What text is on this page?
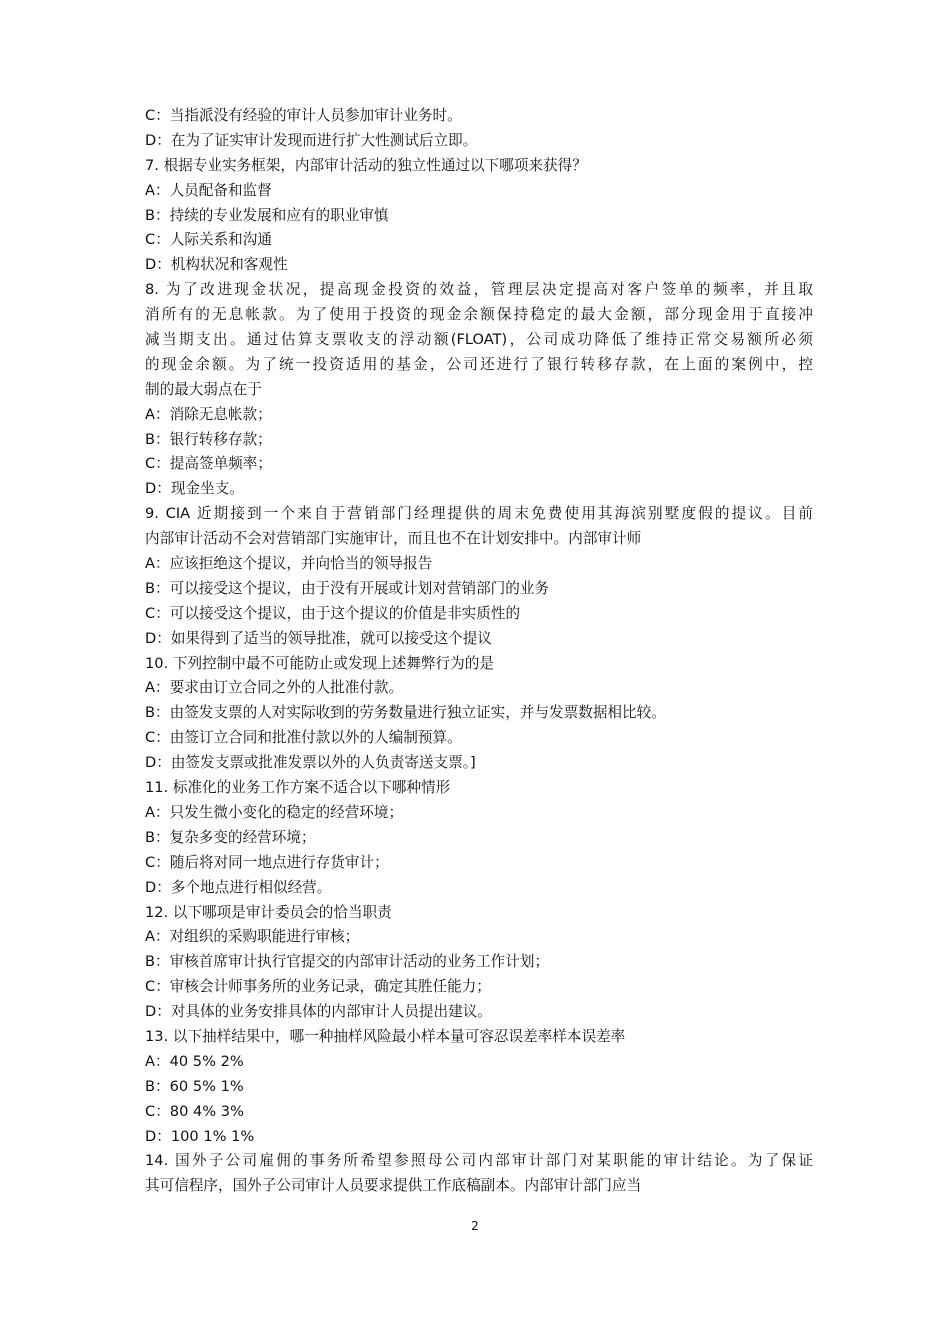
C：当指派没有经验的审计人员参加审计业务时。
D：在为了证实审计发现而进行扩大性测试后立即。
7. 根据专业实务框架，内部审计活动的独立性通过以下哪项来获得？
A：人员配备和监督
B：持续的专业发展和应有的职业审慎
C：人际关系和沟通
D：机构状况和客观性
8. 为了改进现金状况，提高现金投资的效益，管理层决定提高对客户签单的频率，并且取
消所有的无息帐款。为了使用于投资的现金余额保持稳定的最大金额，部分现金用于直接冲
减当期支出。通过估算支票收支的浮动额(FLOAT)，公司成功降低了维持正常交易额所必须
的现金余额。为了统一投资适用的基金，公司还进行了银行转移存款，在上面的案例中，控
制的最大弱点在于
A：消除无息帐款；
B：银行转移存款；
C：提高签单频率；
D：现金坐支。
9. CIA 近期接到一个来自于营销部门经理提供的周末免费使用其海滨别墅度假的提议。目前
内部审计活动不会对营销部门实施审计，而且也不在计划安排中。内部审计师
A：应该拒绝这个提议，并向恰当的领导报告
B：可以接受这个提议，由于没有开展或计划对营销部门的业务
C：可以接受这个提议，由于这个提议的价值是非实质性的
D：如果得到了适当的领导批准，就可以接受这个提议
10. 下列控制中最不可能防止或发现上述舞弊行为的是
A：要求由订立合同之外的人批准付款。
B：由签发支票的人对实际收到的劳务数量进行独立证实，并与发票数据相比较。
C：由签订立合同和批准付款以外的人编制预算。
D：由签发支票或批准发票以外的人负责寄送支票。]
11. 标准化的业务工作方案不适合以下哪种情形
A：只发生微小变化的稳定的经营环境；
B：复杂多变的经营环境；
C：随后将对同一地点进行存货审计；
D：多个地点进行相似经营。
12. 以下哪项是审计委员会的恰当职责
A：对组织的采购职能进行审核；
B：审核首席审计执行官提交的内部审计活动的业务工作计划；
C：审核会计师事务所的业务记录，确定其胜任能力；
D：对具体的业务安排具体的内部审计人员提出建议。
13. 以下抽样结果中，哪一种抽样风险最小样本量可容忍误差率样本误差率
A：40 5% 2%
B：60 5% 1%
C：80 4% 3%
D：100 1% 1%
14. 国外子公司雇佣的事务所希望参照母公司内部审计部门对某职能的审计结论。为了保证
其可信程序，国外子公司审计人员要求提供工作底稿副本。内部审计部门应当
2
